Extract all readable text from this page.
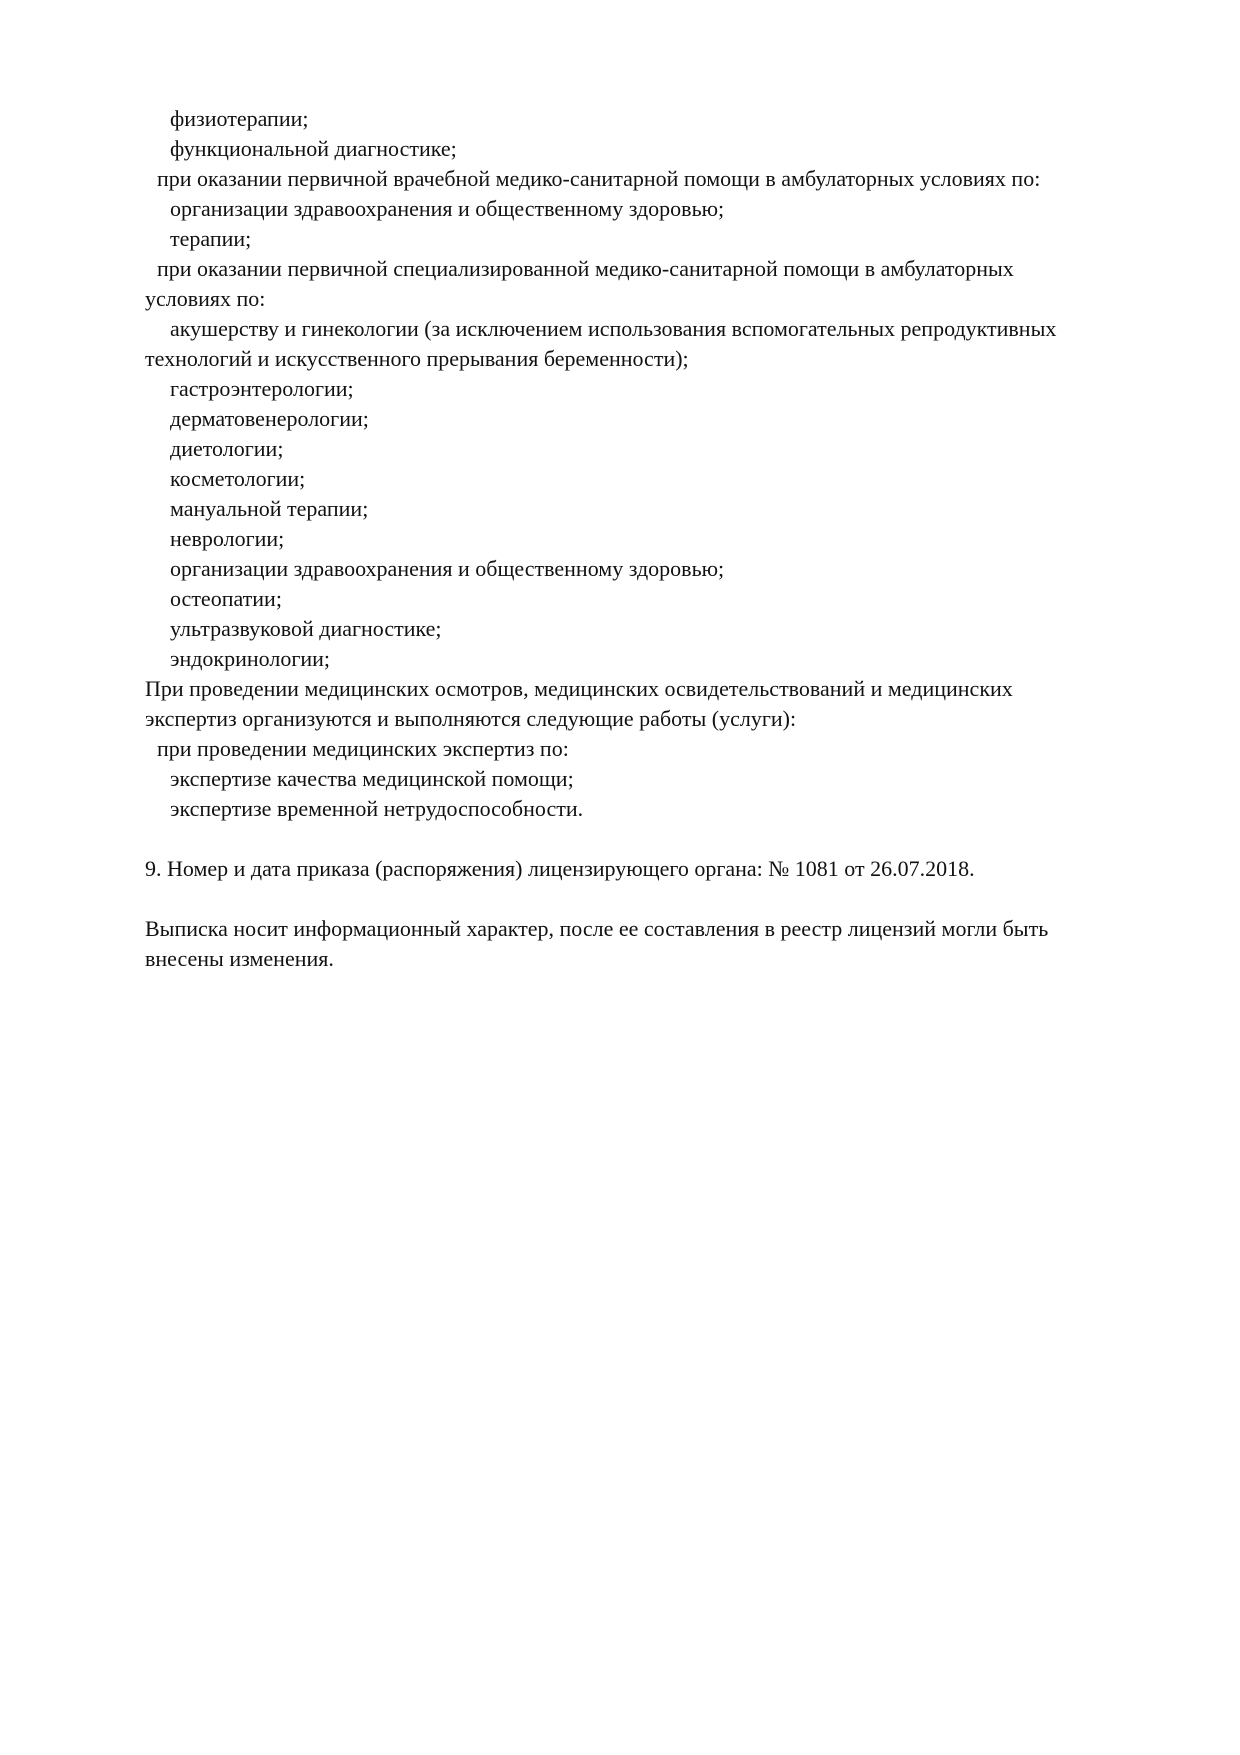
физиотерапии;

функциональной диагностике;

при оказании первичной врачебной медико-санитарной помощи в амбулаторных условиях по:

организации здравоохранения и общественному здоровью;

терапии;

при оказании первичной специализированной медико-санитарной помощи в амбулаторных

условиях по:

акушерству и гинекологии (за исключением использования вспомогательных репродуктивных

технологий и искусственного прерывания беременности);

гастроэнтерологии;

дерматовенерологии;

диетологии;

косметологии;

мануальной терапии;

неврологии;

организации здравоохранения и общественному здоровью;

остеопатии;

ультразвуковой диагностике;

эндокринологии;

При проведении медицинских осмотров, медицинских освидетельствований и медицинских

экспертиз организуются и выполняются следующие работы (услуги):

при проведении медицинских экспертиз по:

экспертизе качества медицинской помощи;

экспертизе временной нетрудоспособности.

9. Номер и дата приказа (распоряжения) лицензирующего органа: № 1081 от 26.07.2018.

Выписка носит информационный характер, после ее составления в реестр лицензий могли быть

внесены изменения.
